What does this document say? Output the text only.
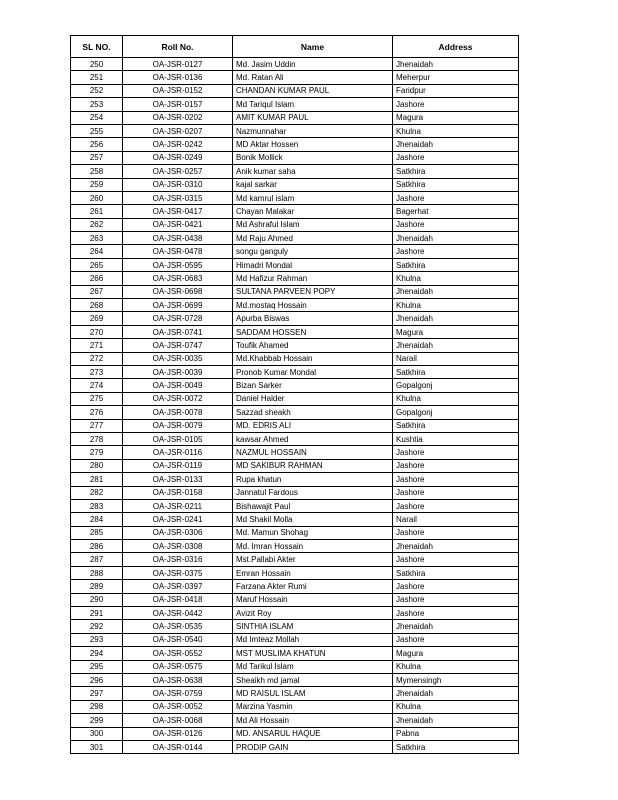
SL NO.	Roll No.	Name	Address
250	OA-JSR-0127	Md. Jasim Uddin	Jhenaidah
251	OA-JSR-0136	Md. Ratan Ali	Meherpur
252	OA-JSR-0152	CHANDAN KUMAR PAUL	Faridpur
253	OA-JSR-0157	Md Tariqul Islam	Jashore
254	OA-JSR-0202	AMIT KUMAR PAUL	Magura
255	OA-JSR-0207	Nazmunnahar	Khulna
256	OA-JSR-0242	MD Aktar Hossen	Jhenaidah
257	OA-JSR-0249	Bonik Mollick	Jashore
258	OA-JSR-0257	Anik kumar saha	Satkhira
259	OA-JSR-0310	kajal sarkar	Satkhira
260	OA-JSR-0315	Md kamrul islam	Jashore
261	OA-JSR-0417	Chayan Malakar	Bagerhat
262	OA-JSR-0421	Md Ashraful Islam	Jashore
263	OA-JSR-0438	Md Raju Ahmed	Jhenaidah
264	OA-JSR-0478	songu ganguly	Jashore
265	OA-JSR-0595	Himadri Mondal	Satkhira
266	OA-JSR-0683	Md Hafizur Rahman	Khulna
267	OA-JSR-0698	SULTANA PARVEEN POPY	Jhenaidah
268	OA-JSR-0699	Md.mostaq Hossain	Khulna
269	OA-JSR-0728	Apurba Biswas	Jhenaidah
270	OA-JSR-0741	SADDAM HOSSEN	Magura
271	OA-JSR-0747	Toufik Ahamed	Jhenaidah
272	OA-JSR-0035	Md.Khabbab Hossain	Narail
273	OA-JSR-0039	Pronob Kumar Mondal	Satkhira
274	OA-JSR-0049	Bizan Sarker	Gopalgonj
275	OA-JSR-0072	Daniel Halder	Khulna
276	OA-JSR-0078	Sazzad sheakh	Gopalgonj
277	OA-JSR-0079	MD. EDRIS ALI	Satkhira
278	OA-JSR-0105	kawsar Ahmed	Kushtia
279	OA-JSR-0116	NAZMUL HOSSAIN	Jashore
280	OA-JSR-0119	MD SAKIBUR RAHMAN	Jashore
281	OA-JSR-0133	Rupa khatun	Jashore
282	OA-JSR-0158	Jannatul Fardous	Jashore
283	OA-JSR-0211	Bishawajit Paul	Jashore
284	OA-JSR-0241	Md Shakil Molla	Narail
285	OA-JSR-0306	Md. Mamun Shohag	Jashore
286	OA-JSR-0308	Md. Imran Hossain	Jhenaidah
287	OA-JSR-0316	Mst.Pallabi Akter	Jashore
288	OA-JSR-0375	Emran Hossain	Satkhira
289	OA-JSR-0397	Farzana Akter Rumi	Jashore
290	OA-JSR-0418	Maruf Hossain	Jashore
291	OA-JSR-0442	Avizit Roy	Jashore
292	OA-JSR-0535	SINTHIA ISLAM	Jhenaidah
293	OA-JSR-0540	Md Imteaz Mollah	Jashore
294	OA-JSR-0552	MST MUSLIMA KHATUN	Magura
295	OA-JSR-0575	Md Tarikul Islam	Khulna
296	OA-JSR-0638	Sheaikh md jamal	Mymensingh
297	OA-JSR-0759	MD RAISUL ISLAM	Jhenaidah
298	OA-JSR-0052	Marzina Yasmin	Khulna
299	OA-JSR-0068	Md Ali Hossain	Jhenaidah
300	OA-JSR-0126	MD. ANSARUL HAQUE	Pabna
301	OA-JSR-0144	PRODIP GAIN	Satkhira
